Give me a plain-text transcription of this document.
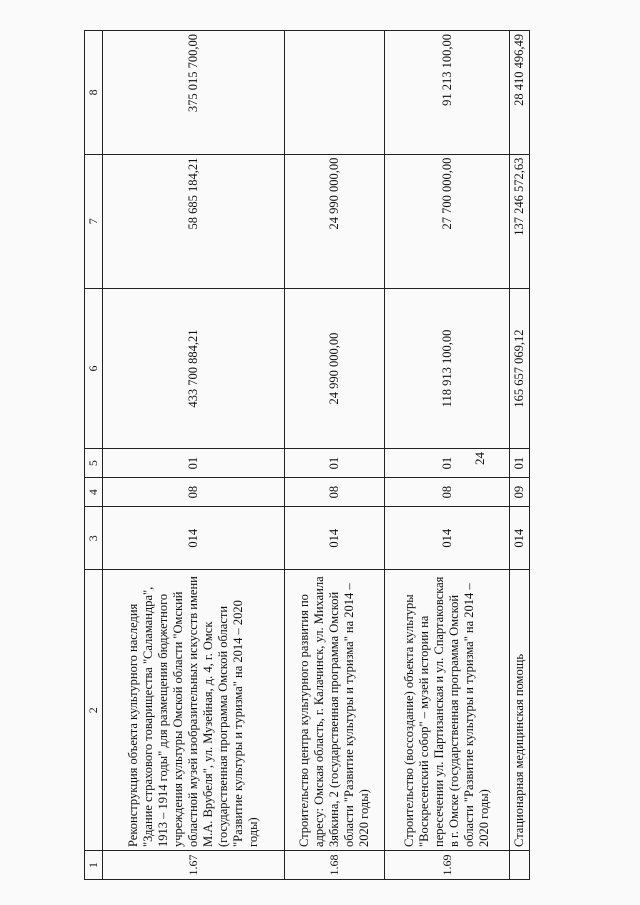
1	2	3	4	5	6	7	8
1.67	Реконструкция объекта культурного наследия "Здание страхового товарищества "Саламандра", 1913 – 1914 годы" для размещения бюджетного учреждения культуры Омской области "Омский областной музей изобразительных искусств имени М.А. Врубеля", ул. Музейная, д. 4, г. Омск (государственная программа Омской области "Развитие культуры и туризма" на 2014 – 2020 годы)	014	08	01	433 700 884,21	58 685 184,21	375 015 700,00
1.68	Строительство центра культурного развития по адресу: Омская область, г. Калачинск, ул. Михаила Зябкина, 2 (государственная программа Омской области "Развитие культуры и туризма" на 2014 – 2020 годы)	014	08	01	24 990 000,00	24 990 000,00	
1.69	Строительство (воссоздание) объекта культуры "Воскресенский собор" – музей истории на пересечении ул. Партизанская и ул. Спартаковская в г. Омске (государственная программа Омской области "Развитие культуры и туризма" на 2014 – 2020 годы)	014	08	01	118 913 100,00	27 700 000,00	91 213 100,00
	Стационарная медицинская помощь	014	09	01	165 657 069,12	137 246 572,63	28 410 496,49
24
